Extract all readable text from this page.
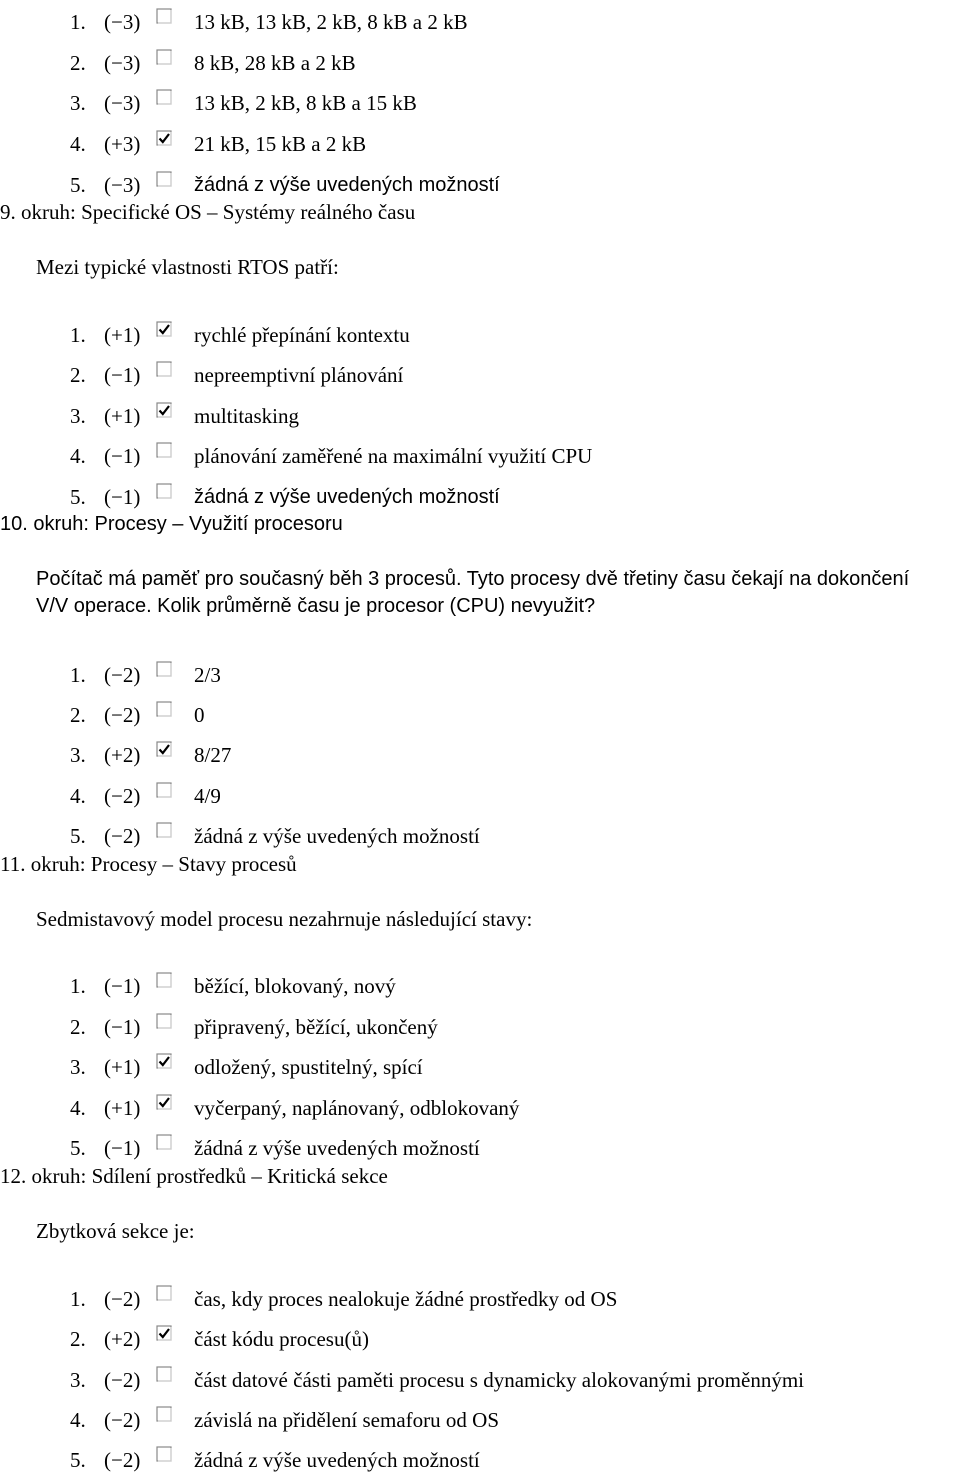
1. (−3)	13 kB, 13 kB, 2 kB, 8 kB a 2 kB
2. (−3)	8 kB, 28 kB a 2 kB
3. (−3)	13 kB, 2 kB, 8 kB a 15 kB
4. (+3)	21 kB, 15 kB a 2 kB
5. (−3)	žádná z výše uvedených možností
9. okruh: Specifické OS – Systémy reálného času
Mezi typické vlastnosti RTOS patří:
1. (+1)	rychlé přepínání kontextu
2. (−1)	nepreemptivní plánování
3. (+1)	multitasking
4. (−1)	plánování zaměřené na maximální využití CPU
5. (−1)	žádná z výše uvedených možností
10. okruh: Procesy – Využití procesoru
Počítač má paměť pro současný běh 3 procesů. Tyto procesy dvě třetiny času čekají na dokončení
V/V operace. Kolik průměrně času je procesor (CPU) nevyužit?
1. (−2)	2/3
2. (−2)	0
3. (+2)	8/27
4. (−2)	4/9
5. (−2)	žádná z výše uvedených možností
11. okruh: Procesy – Stavy procesů
Sedmistavový model procesu nezahrnuje následující stavy:
1. (−1)	běžící, blokovaný, nový
2. (−1)	připravený, běžící, ukončený
3. (+1)	odložený, spustitelný, spící
4. (+1)	vyčerpaný, naplánovaný, odblokovaný
5. (−1)	žádná z výše uvedených možností
12. okruh: Sdílení prostředků – Kritická sekce
Zbytková sekce je:
1. (−2)	čas, kdy proces nealokuje žádné prostředky od OS
2. (+2)	část kódu procesu(ů)
3. (−2)	část datové části paměti procesu s dynamicky alokovanými proměnnými
4. (−2)	závislá na přidělení semaforu od OS
5. (−2)	žádná z výše uvedených možností
